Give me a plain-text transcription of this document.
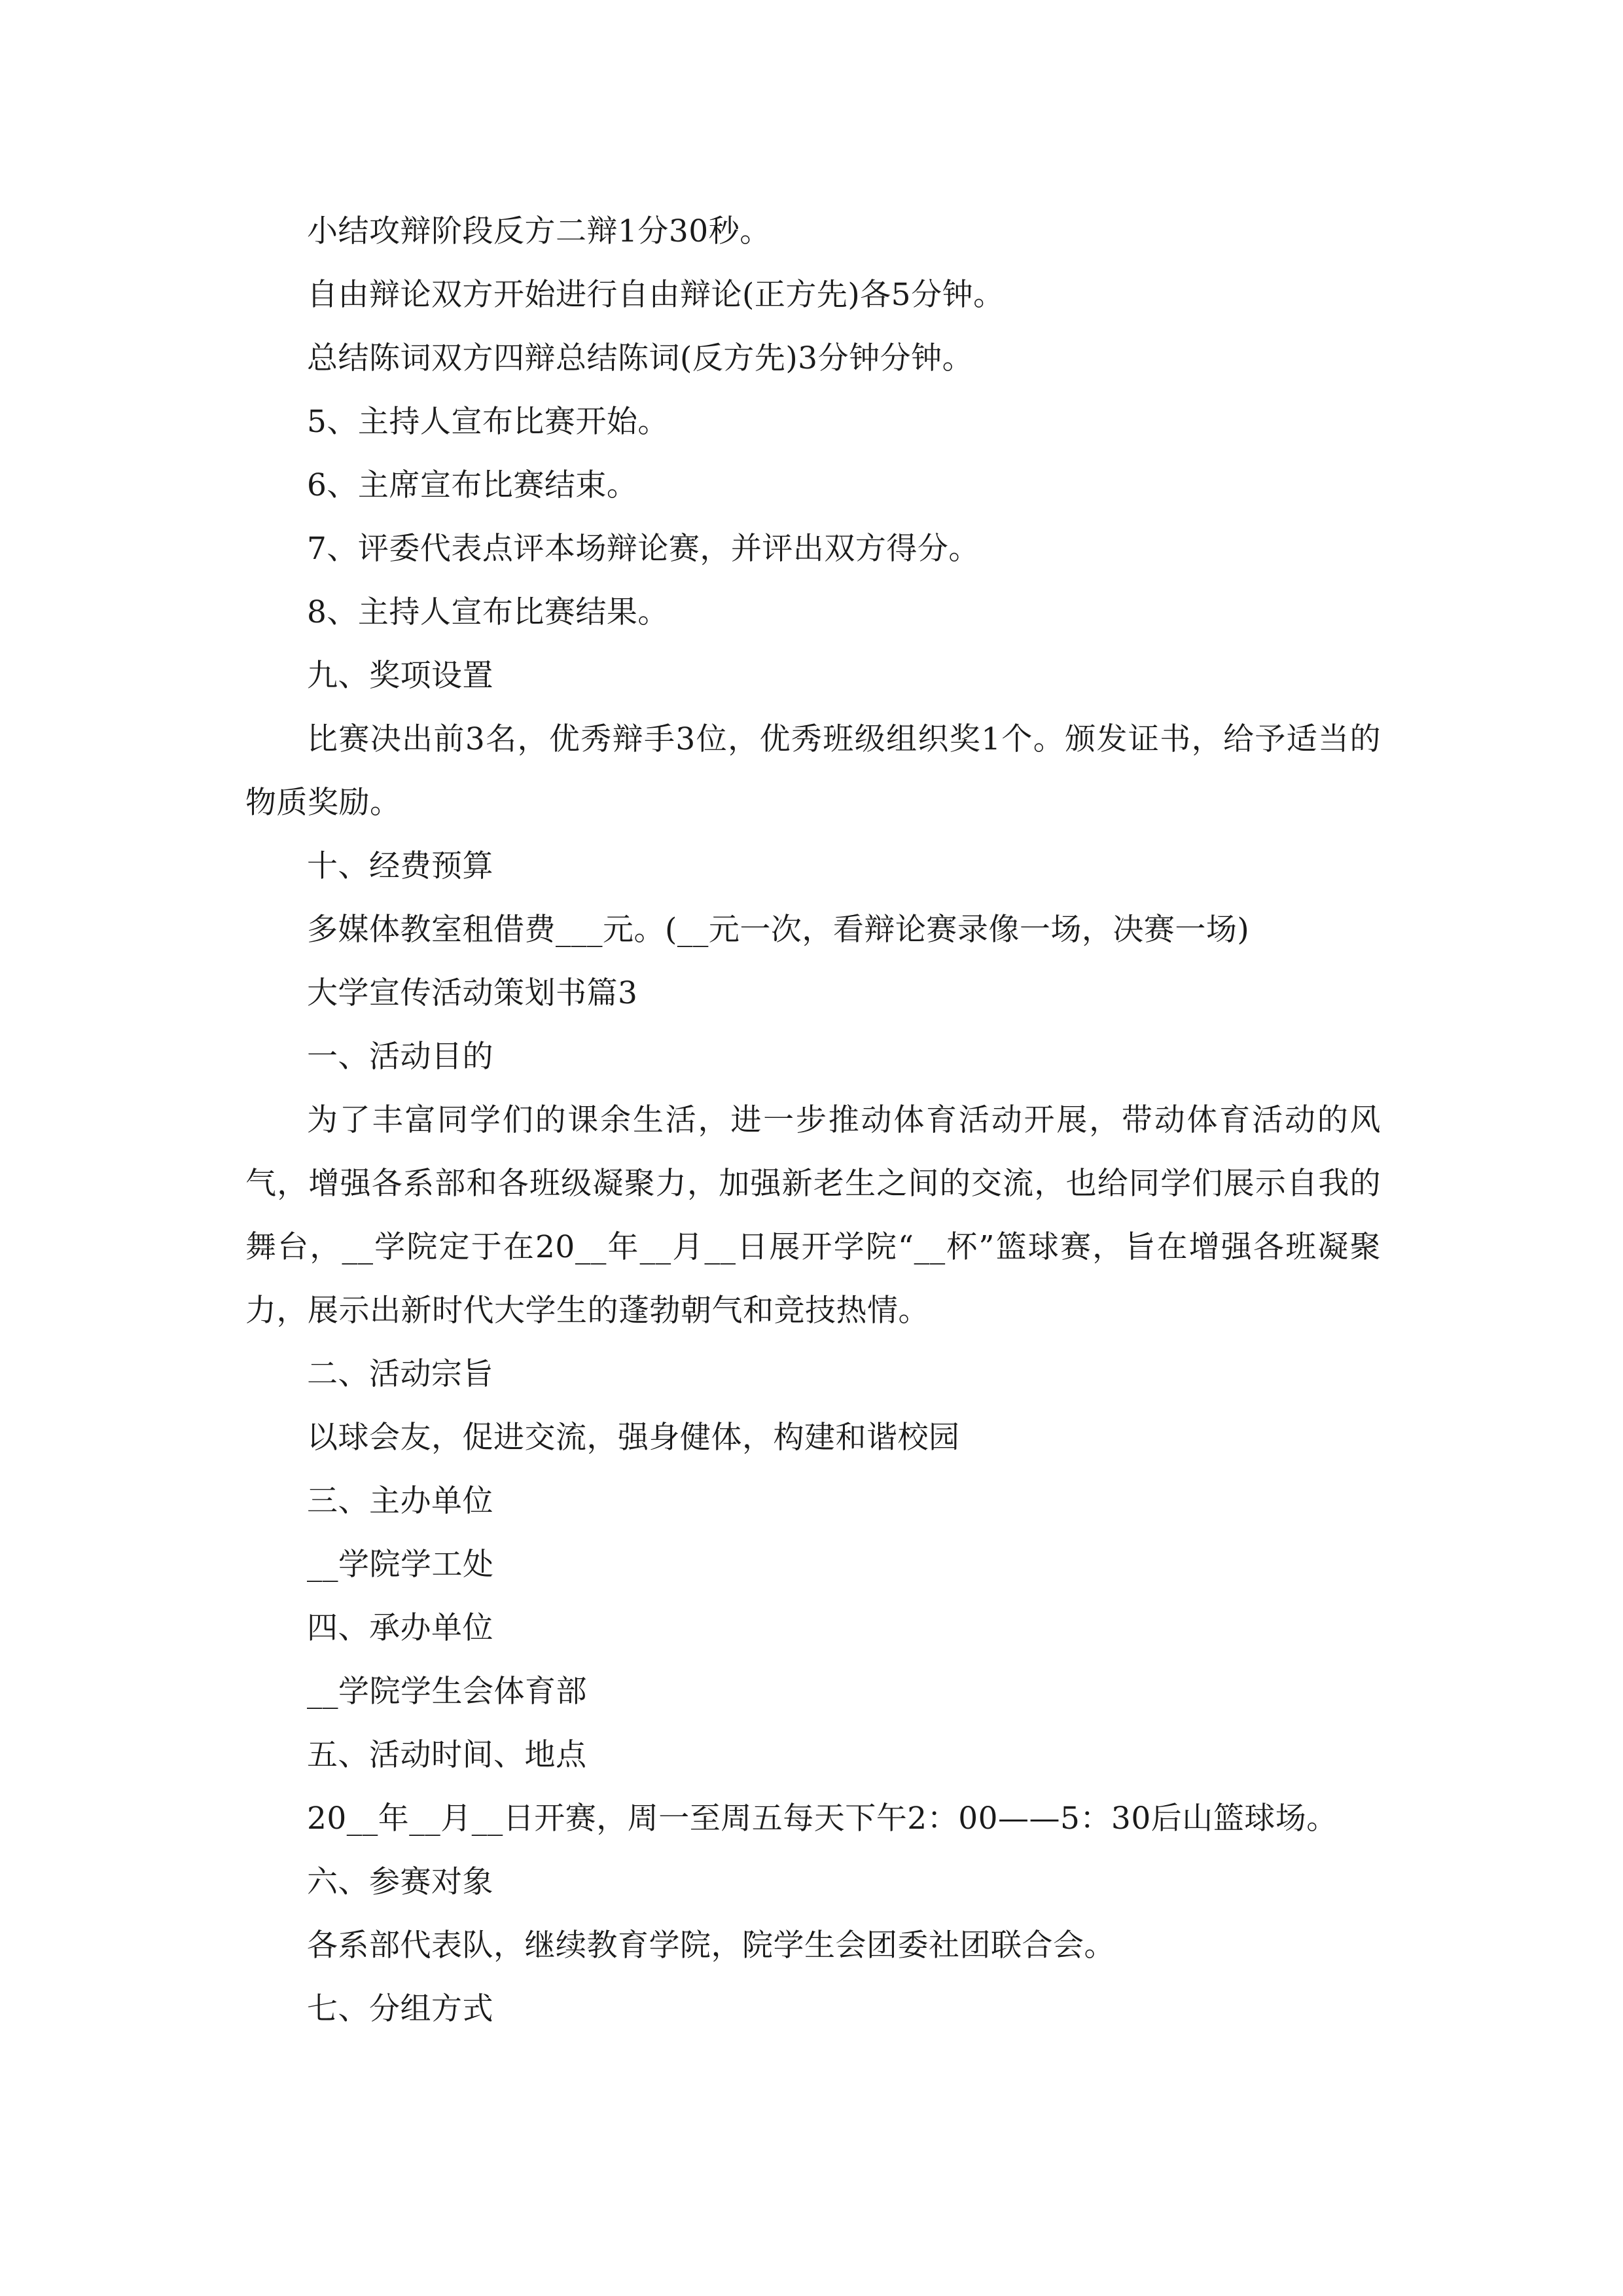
小结攻辩阶段反方二辩1分30秒。

自由辩论双方开始进行自由辩论(正方先)各5分钟。

总结陈词双方四辩总结陈词(反方先)3分钟分钟。

5、主持人宣布比赛开始。

6、主席宣布比赛结束。

7、评委代表点评本场辩论赛，并评出双方得分。

8、主持人宣布比赛结果。

九、奖项设置

比赛决出前3名，优秀辩手3位，优秀班级组织奖1个。颁发证书，给予适当的物质奖励。

十、经费预算

多媒体教室租借费___元。(__元一次，看辩论赛录像一场，决赛一场)

大学宣传活动策划书篇3

一、活动目的

为了丰富同学们的课余生活，进一步推动体育活动开展，带动体育活动的风气，增强各系部和各班级凝聚力，加强新老生之间的交流，也给同学们展示自我的舞台，__学院定于在20__年__月__日展开学院“__杯”篮球赛，旨在增强各班凝聚力，展示出新时代大学生的蓬勃朝气和竞技热情。

二、活动宗旨

以球会友，促进交流，强身健体，构建和谐校园

三、主办单位

__学院学工处

四、承办单位

__学院学生会体育部

五、活动时间、地点

20__年__月__日开赛，周一至周五每天下午2：00——5：30后山篮球场。

六、参赛对象

各系部代表队，继续教育学院，院学生会团委社团联合会。

七、分组方式
